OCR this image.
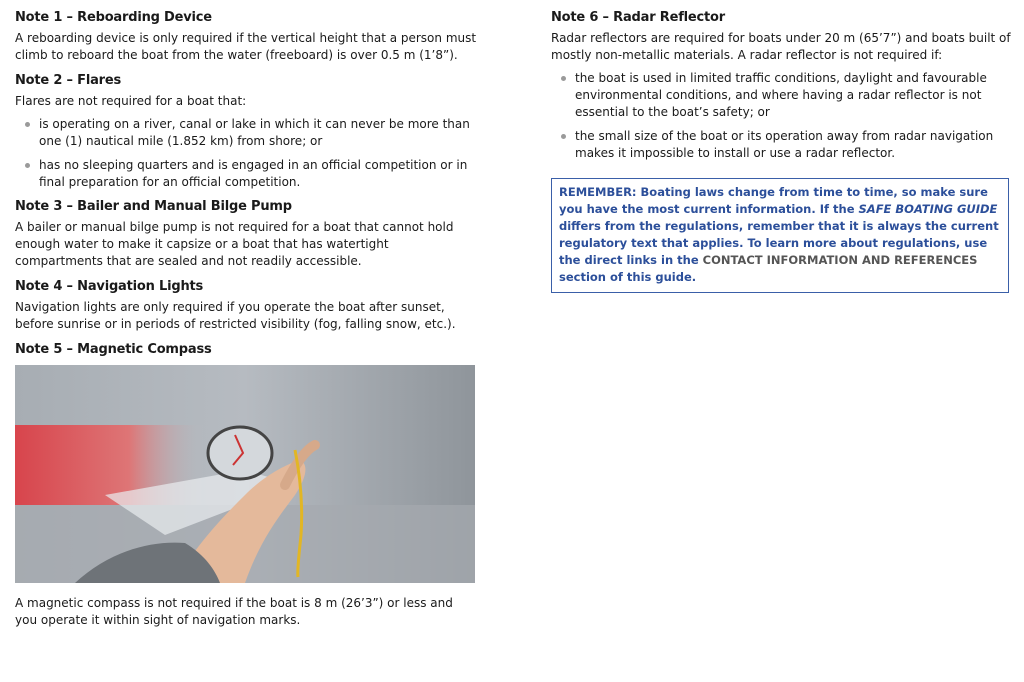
Note 1 – Reboarding Device

A reboarding device is only required if the vertical height that a person must climb to reboard the boat from the water (freeboard) is over 0.5 m (1’8”).

Note 2 – Flares

Flares are not required for a boat that:

is operating on a river, canal or lake in which it can never be more than one (1) nautical mile (1.852 km) from shore; or
has no sleeping quarters and is engaged in an official competition or in final preparation for an official competition.
Note 3 – Bailer and Manual Bilge Pump

A bailer or manual bilge pump is not required for a boat that cannot hold enough water to make it capsize or a boat that has watertight compartments that are sealed and not readily accessible.

Note 4 – Navigation Lights

Navigation lights are only required if you operate the boat after sunset, before sunrise or in periods of restricted visibility (fog, falling snow, etc.).

Note 5 – Magnetic Compass

A magnetic compass is not required if the boat is 8 m (26’3”) or less and you operate it within sight of navigation marks.

Note 6 – Radar Reflector

Radar reflectors are required for boats under 20 m (65’7”) and boats built of mostly non-metallic materials. A radar reflector is not required if:

the boat is used in limited traffic conditions, daylight and favourable environmental conditions, and where having a radar reflector is not essential to the boat’s safety; or
the small size of the boat or its operation away from radar navigation makes it impossible to install or use a radar reflector.

REMEMBER: Boating laws change from time to time, so make sure you have the most current information. If the SAFE BOATING GUIDE differs from the regulations, remember that it is always the current regulatory text that applies. To learn more about regulations, use the direct links in the CONTACT INFORMATION AND REFERENCES section of this guide.
